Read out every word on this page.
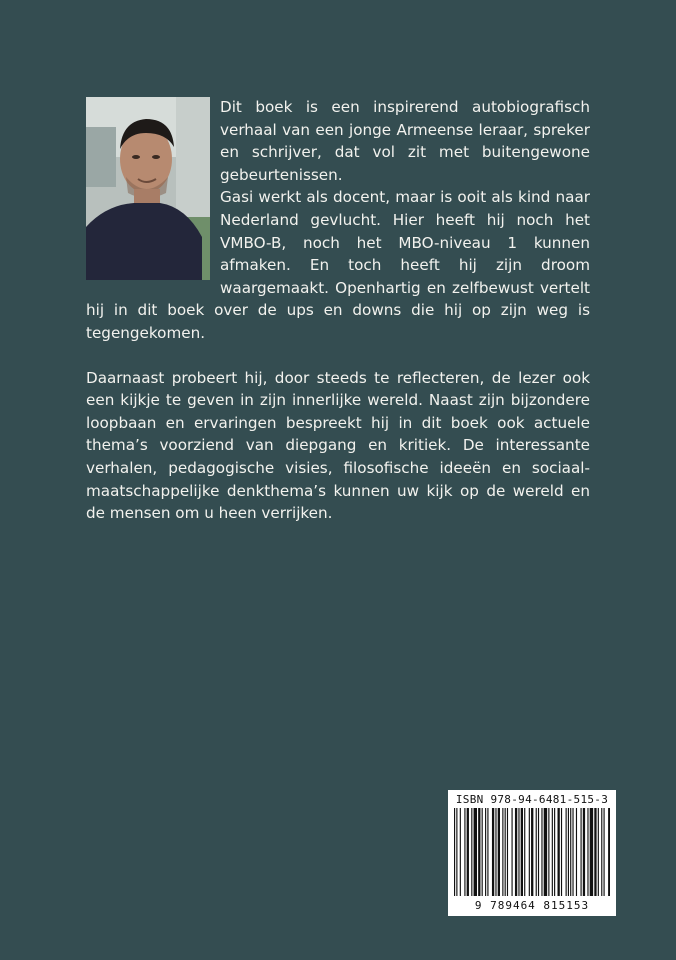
Dit boek is een inspirerend autobiografisch verhaal van een jonge Armeense leraar, spreker en schrijver, dat vol zit met buitengewone gebeurtenissen.

Gasi werkt als docent, maar is ooit als kind naar Nederland gevlucht. Hier heeft hij noch het VMBO-B, noch het MBO-niveau 1 kunnen afmaken. En toch heeft hij zijn droom waargemaakt. Openhartig en zelfbewust vertelt hij in dit boek over de ups en downs die hij op zijn weg is tegengekomen.

Daarnaast probeert hij, door steeds te reflecteren, de lezer ook een kijkje te geven in zijn innerlijke wereld. Naast zijn bijzondere loopbaan en ervaringen bespreekt hij in dit boek ook actuele thema’s voorziend van diepgang en kritiek. De interessante verhalen, pedagogische visies, filosofische ideeën en sociaal-maatschappelijke denkthema’s kunnen uw kijk op de wereld en de mensen om u heen verrijken.

ISBN 978-94-6481-515-3
9 789464 815153
